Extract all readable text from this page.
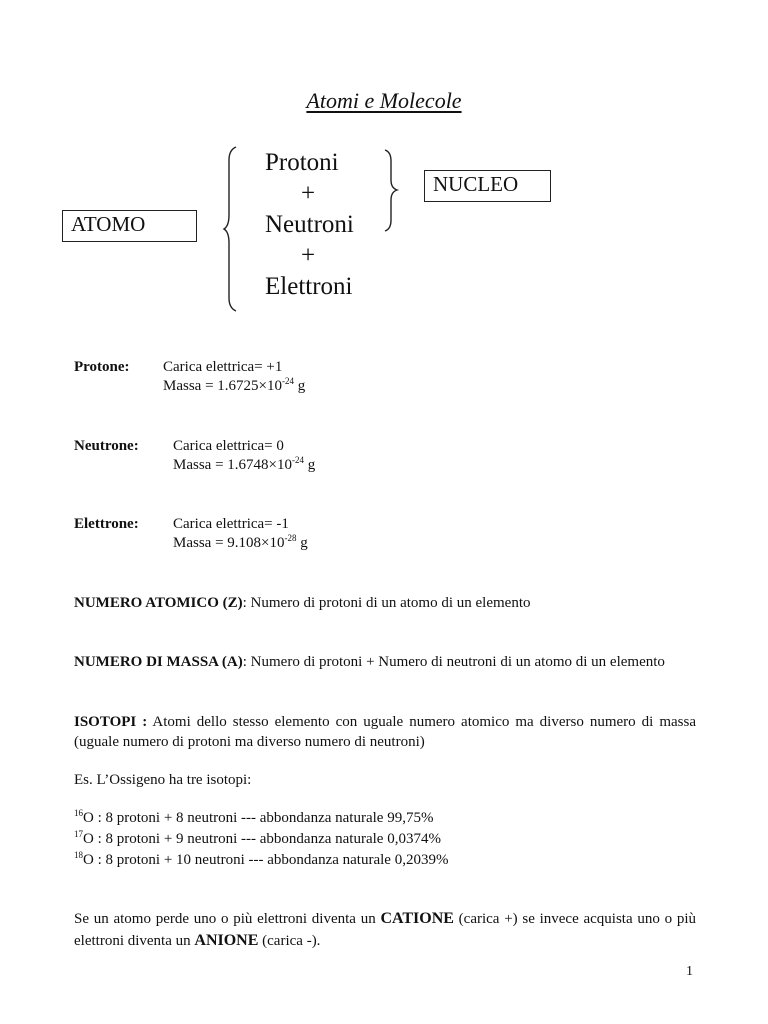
Atomi e Molecole
ATOMO
NUCLEO
Protoni
+
Neutroni
+
Elettroni
Protone: Carica elettrica= +1
Massa = $1.6725\times 10^{-24}$ g
Neutrone: Carica elettrica= 0
Massa = $1.6748\times 10^{-24}$ g
Elettrone: Carica elettrica= -1
Massa = $9.108\times 10^{-28}$ g
NUMERO ATOMICO (Z): Numero di protoni di un atomo di un elemento
NUMERO DI MASSA (A): Numero di protoni + Numero di neutroni di un atomo di un elemento
ISOTOPI : Atomi dello stesso elemento con uguale numero atomico ma diverso numero di massa (uguale numero di protoni ma diverso numero di neutroni)
Es. L’Ossigeno ha tre isotopi:
$^{16}$O : 8 protoni + 8 neutroni --- abbondanza naturale 99,75%
$^{17}$O : 8 protoni + 9 neutroni --- abbondanza naturale 0,0374%
$^{18}$O : 8 protoni + 10 neutroni --- abbondanza naturale 0,2039%
Se un atomo perde uno o più elettroni diventa un CATIONE (carica +) se invece acquista uno o più elettroni diventa un ANIONE (carica -).
1
